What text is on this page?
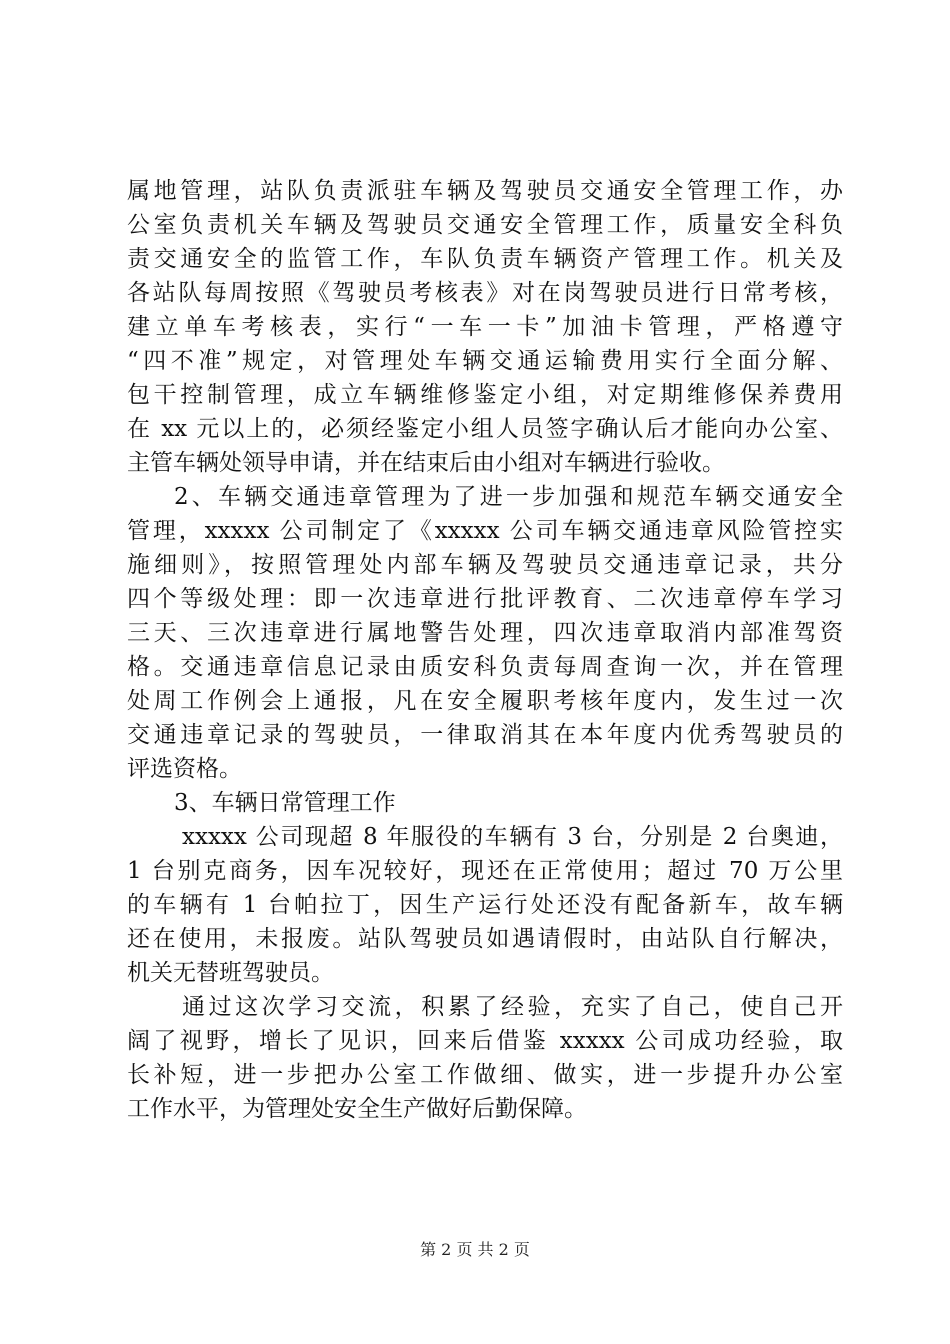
属地管理，站队负责派驻车辆及驾驶员交通安全管理工作，办
公室负责机关车辆及驾驶员交通安全管理工作，质量安全科负
责交通安全的监管工作，车队负责车辆资产管理工作。机关及
各站队每周按照《驾驶员考核表》对在岗驾驶员进行日常考核，
建立单车考核表，实行“一车一卡”加油卡管理，严格遵守
“四不准”规定，对管理处车辆交通运输费用实行全面分解、
包干控制管理，成立车辆维修鉴定小组，对定期维修保养费用
在 xx 元以上的，必须经鉴定小组人员签字确认后才能向办公室、
主管车辆处领导申请，并在结束后由小组对车辆进行验收。
2、车辆交通违章管理为了进一步加强和规范车辆交通安全
管理，xxxxx 公司制定了《xxxxx 公司车辆交通违章风险管控实
施细则》，按照管理处内部车辆及驾驶员交通违章记录，共分
四个等级处理：即一次违章进行批评教育、二次违章停车学习
三天、三次违章进行属地警告处理，四次违章取消内部准驾资
格。交通违章信息记录由质安科负责每周查询一次，并在管理
处周工作例会上通报，凡在安全履职考核年度内，发生过一次
交通违章记录的驾驶员，一律取消其在本年度内优秀驾驶员的
评选资格。
3、车辆日常管理工作
xxxxx 公司现超 8 年服役的车辆有 3 台，分别是 2 台奥迪，
1 台别克商务，因车况较好，现还在正常使用；超过 70 万公里
的车辆有 1 台帕拉丁，因生产运行处还没有配备新车，故车辆
还在使用，未报废。站队驾驶员如遇请假时，由站队自行解决，
机关无替班驾驶员。
通过这次学习交流，积累了经验，充实了自己，使自己开
阔了视野，增长了见识，回来后借鉴 xxxxx 公司成功经验，取
长补短，进一步把办公室工作做细、做实，进一步提升办公室
工作水平，为管理处安全生产做好后勤保障。
第 2 页 共 2 页
